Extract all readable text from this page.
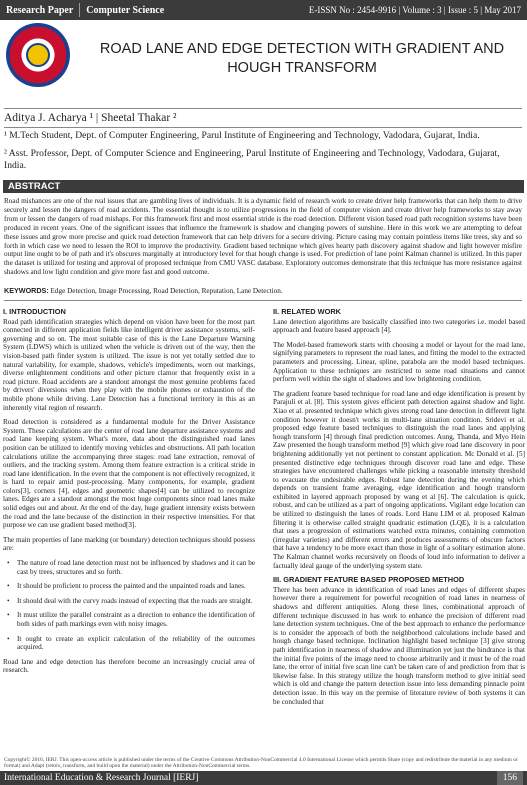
Research Paper	Computer Science	E-ISSN No : 2454-9916 | Volume : 3 | Issue : 5 | May 2017
ROAD LANE AND EDGE DETECTION WITH GRADIENT AND
HOUGH TRANSFORM
Aditya J. Acharya ¹ | Sheetal Thakar ²
¹ M.Tech Student, Dept. of Computer Engineering, Parul Institute of Engineering and Technology, Vadodara, Gujarat, India.
² Asst. Professor, Dept. of Computer Science and Engineering, Parul Institute of Engineering and Technology, Vadodara, Gujarat, India.
ABSTRACT
Road mishances are one of the real issues that are gambling lives of individuals. It is a dynamic field of research work to create driver help frameworks that can help them to drive securely and lessen the dangers of road accidents. The essential thought is to utilize progressions in the field of computer vision and create driver help frameworks to stay away from or lessen the dangers of road mishaps. For this framework first and most essential stride is the road detection. Different vision based road path recognition systems have been produced in recent years. One of the significant issues that influence the framework is shadow and changing powers of sunshine. Here in this work we are attempting to defeat these issues and grow more precise and quick road detection framework that can help drivers for a secure driving. Picture casing may contain pointless items like trees, sky and so forth in which case we need to lessen the ROI to improve the productivity. Gradient based technique which gives hearty path discovery against shadow and light however misfire output line ought to be of path and it's obscures marginally at introductory level for that hough change is used. For prediction of lane point Kalman channel is utilized. In this paper the dataset is utilized for testing and approval of proposed technique from CMU VASC database. Exploratory outcomes demonstrate that this technique has more resistance against shadows and low light condition and give more fast and good outcome.
KEYWORDS: Edge Detection, Image Processing, Road Detection, Reputation, Lane Detection.
I. INTRODUCTION

Road path identification strategies which depend on vision have been for the most part connected in different application fields like intelligent driver assistance systems, self-governing and so on. The most suitable case of this is the Lane Departure Warning System (LDWS) which is utilized when the vehicle is driven out of the way, then the vision-based path finder system is utilized. The issue is not yet totally settled due to natural variability, for example, shadows, vehicle's impediments, worn out markings, diverse enlightenment conditions and other picture clamor that frequently exist in a road picture. Road accidents are a standout amongst the most genuine problems faced by drivers' diversions when they play with the mobile phones or exhaustion of the mobile phone while driving. Lane Detection has a functional territory in this as an inherently vital region of research.

Road detection is considered as a fundamental module for the Driver Assistance System. These calculations are the center of road lane departure assistance systems and road lane keeping system. What's more, data about the distinguished road lanes position can be utilized to identify moving vehicles and obstructions. All path location calculations utilize the accompanying three stages: road lane extraction, removal of outliers, and the tracking system. Among them feature extraction is a critical stride in road lane identification. In the event that the component is not effectively recognized, it is hard to repair amid post-processing. Many components, for example, gradient colors[3], corners [4], edges and geometric shapes[4] can be utilized to recognize lanes. Edges are a standout amongst the most huge components since road lanes make solid edges out and about. At the end of the day, huge gradient intensity exists between the road and the lane because of the distinction in their respective intensities. For that purpose we can use gradient based method[3].

The main properties of lane marking (or boundary) detection techniques should possess are:

• The nature of road lane detection must not be influenced by shadows and it can be cast by trees, structures and so forth.
• It should be proficient to process the painted and the unpainted roads and lanes.
• It should deal with the curvy roads instead of expecting that the roads are straight.
• It must utilize the parallel constraint as a direction to enhance the identification of both sides of path markings even with noisy images.
• It ought to create an explicit calculation of the reliability of the outcomes acquired.

Road lane and edge detection has therefore become an increasingly crucial area of research.

II. RELATED WORK

Lane detection algorithms are basically classified into two categories i.e. model based approach and feature based approach [4].

The Model-based framework starts with choosing a model or layout for the road lane, signifying parameters to represent the road lanes, and fitting the model to the extracted parameters and processing. Linear, spline, parabola are the model based techniques. Application to these techniques are restricted to some road situations and cannot perform well within the sight of shadows and low brightening condition.

The gradient feature based technique for road lane and edge identification is present by Parajuli et al. [8]. This system gives efficient path detection against shadow and light. Xiao et al. presented technique which gives strong road lane detection in different light condition however it doesn't works in multi-lane situation condition. Sridevi et al. proposed edge feature based techniques to distinguish the road lanes and applying hough transform [4] through final prediction outcomes. Aung, Thanda, and Myo Hein Zaw presented the hough transform method [9] which give road lane discovery in poor brightening additionally yet not pertinent to constant application. Mc Donald et al. [5] presented distinctive edge techniques through discover road lane and edge. These strategies have encountered challenges while picking a reasonable intensity threshold to evacuate the undesirable edges. Robust lane detection during the evening which depends on transient frame averaging, edge identification and hough transform exhibited in layered approach proposed by wang et al [6]. The calculation is quick, robust, and can be utilized as a part of ongoing applications. Vigilant edge location can be utilized to distinguish the lanes of roads. Lord Hanu LIM et al. proposed Kalman filtering it is otherwise called straight quadratic estimation (LQE), it is a calculation that uses a progression of estimations watched extra minutes, containing commotion (irregular varieties) and different errors and produces assessments of obscure factors that have a tendency to be more exact than those in light of a solitary estimation alone. The Kalman channel works recursively on floods of loud info information to deliver a factually ideal gauge of the underlying system state.

III. GRADIENT FEATURE BASED PROPOSED METHOD

There has been advance in identification of road lanes and edges of different shapes however there a requirement for powerful recognition of road lanes in nearness of shadows and different antiquities. Along these lines, combinational approach of different technique discussed in has work to enhance the precision of different road lane detection system techniques. One of the best approach to enhance the performance is to consider the approach of both the neighborhood calculations include based and hough change based technique. Inclination highlight based technique [3] give strong path identification in nearness of shadow and illumination yet just the hindrance is that the initial five points of the image need to choose arbitrarily and it must be of the road lane, the error of initial five scan line can't be taken care of and prediction from that is likewise false. In this strategy utilize the hough transform method to give initial seed which is old and change the pattern detection issue into less demanding pinnacle point detection issue. In this way on the premise of literature review of both systems it can be concluded that

Copyright© 2016, IERJ. This open-access article is published under the terms of the Creative Commons Attribution-NonCommercial 4.0 International License which permits Share (copy and redistribute the material in any medium or format) and Adapt (remix, transform, and build upon the material) under the Attribution-NonCommercial terms.
International Education & Research Journal [IERJ]	156
